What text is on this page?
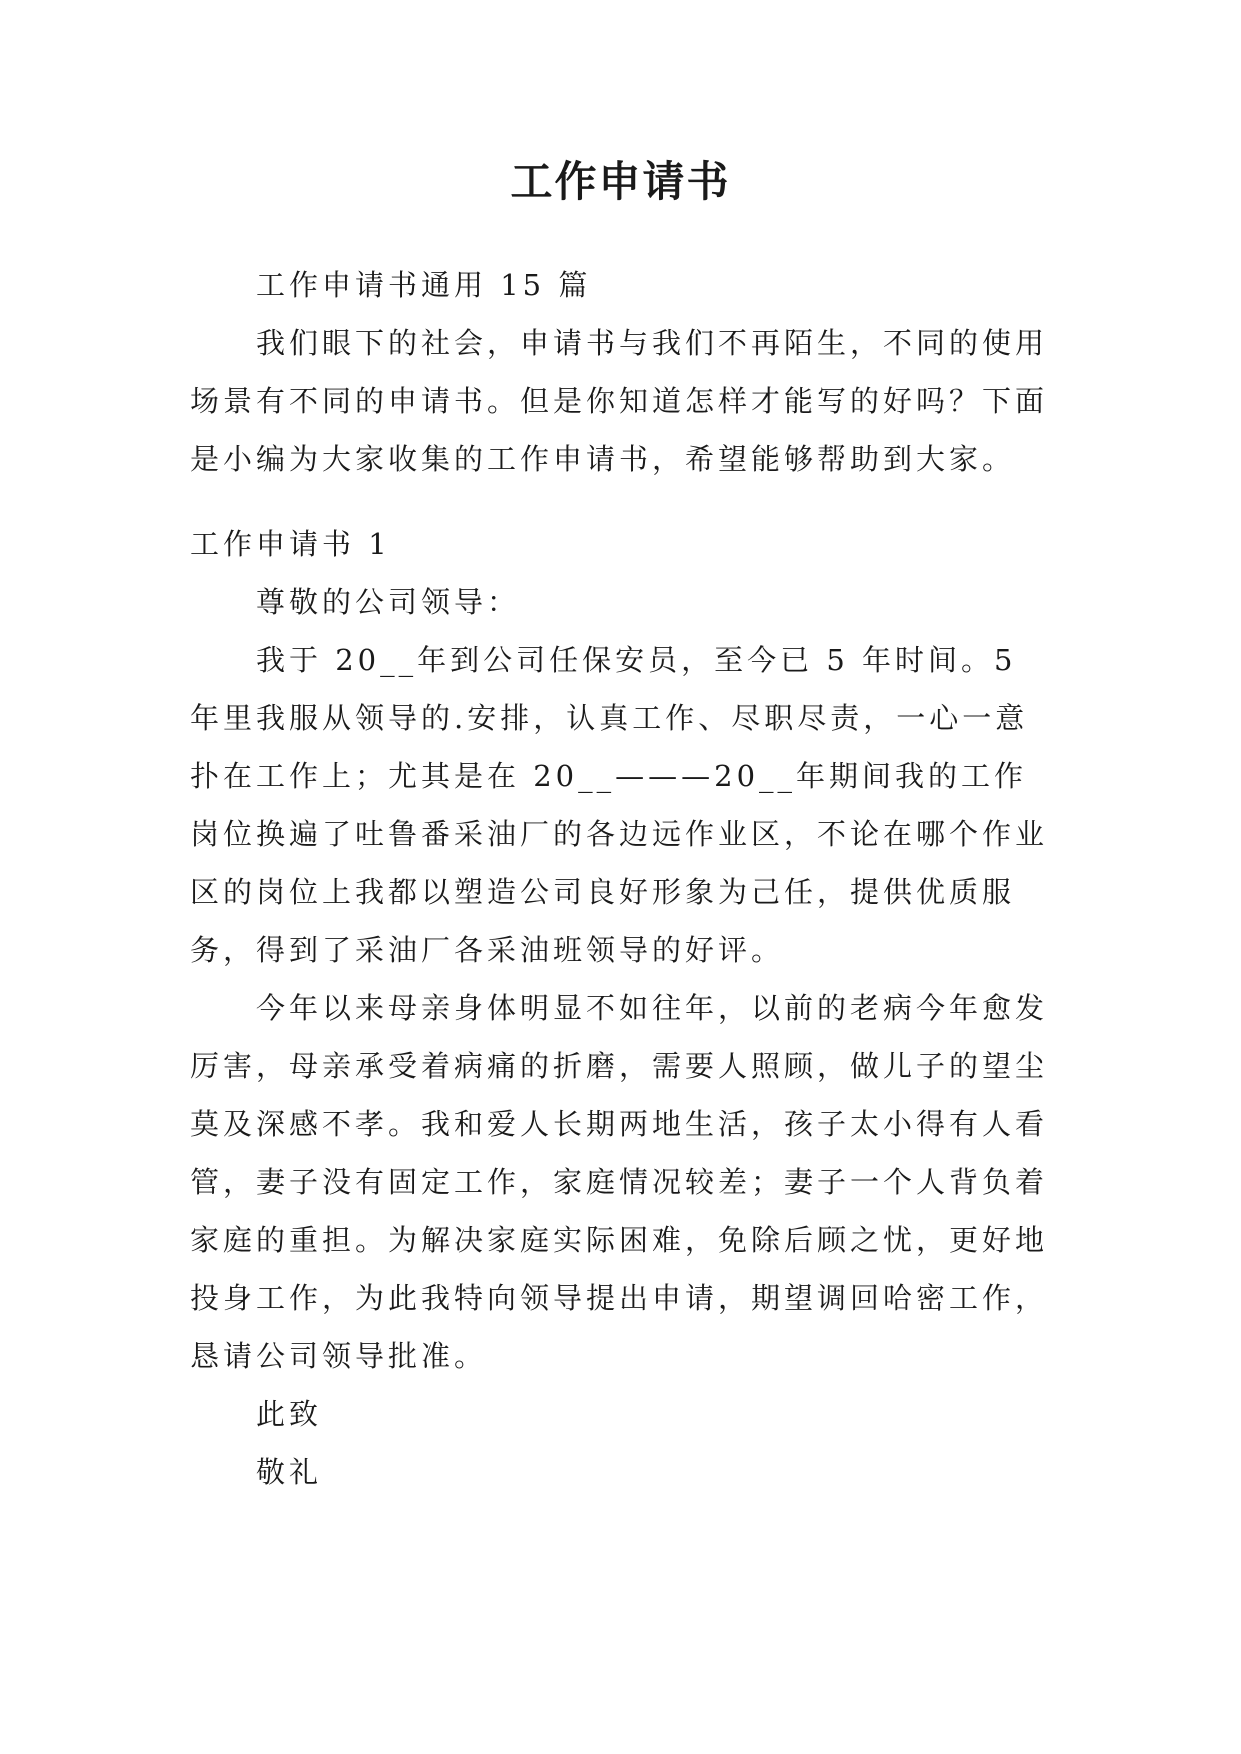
工作申请书

工作申请书通用 15 篇

我们眼下的社会，申请书与我们不再陌生，不同的使用场景有不同的申请书。但是你知道怎样才能写的好吗？下面是小编为大家收集的工作申请书，希望能够帮助到大家。

工作申请书 1

尊敬的公司领导：

我于 20__年到公司任保安员，至今已 5 年时间。5 年里我服从领导的.安排，认真工作、尽职尽责，一心一意扑在工作上；尤其是在 20__———20__年期间我的工作岗位换遍了吐鲁番采油厂的各边远作业区，不论在哪个作业区的岗位上我都以塑造公司良好形象为己任，提供优质服务，得到了采油厂各采油班领导的好评。

今年以来母亲身体明显不如往年，以前的老病今年愈发厉害，母亲承受着病痛的折磨，需要人照顾，做儿子的望尘莫及深感不孝。我和爱人长期两地生活，孩子太小得有人看管，妻子没有固定工作，家庭情况较差；妻子一个人背负着家庭的重担。为解决家庭实际困难，免除后顾之忧，更好地投身工作，为此我特向领导提出申请，期望调回哈密工作，恳请公司领导批准。

此致

敬礼
